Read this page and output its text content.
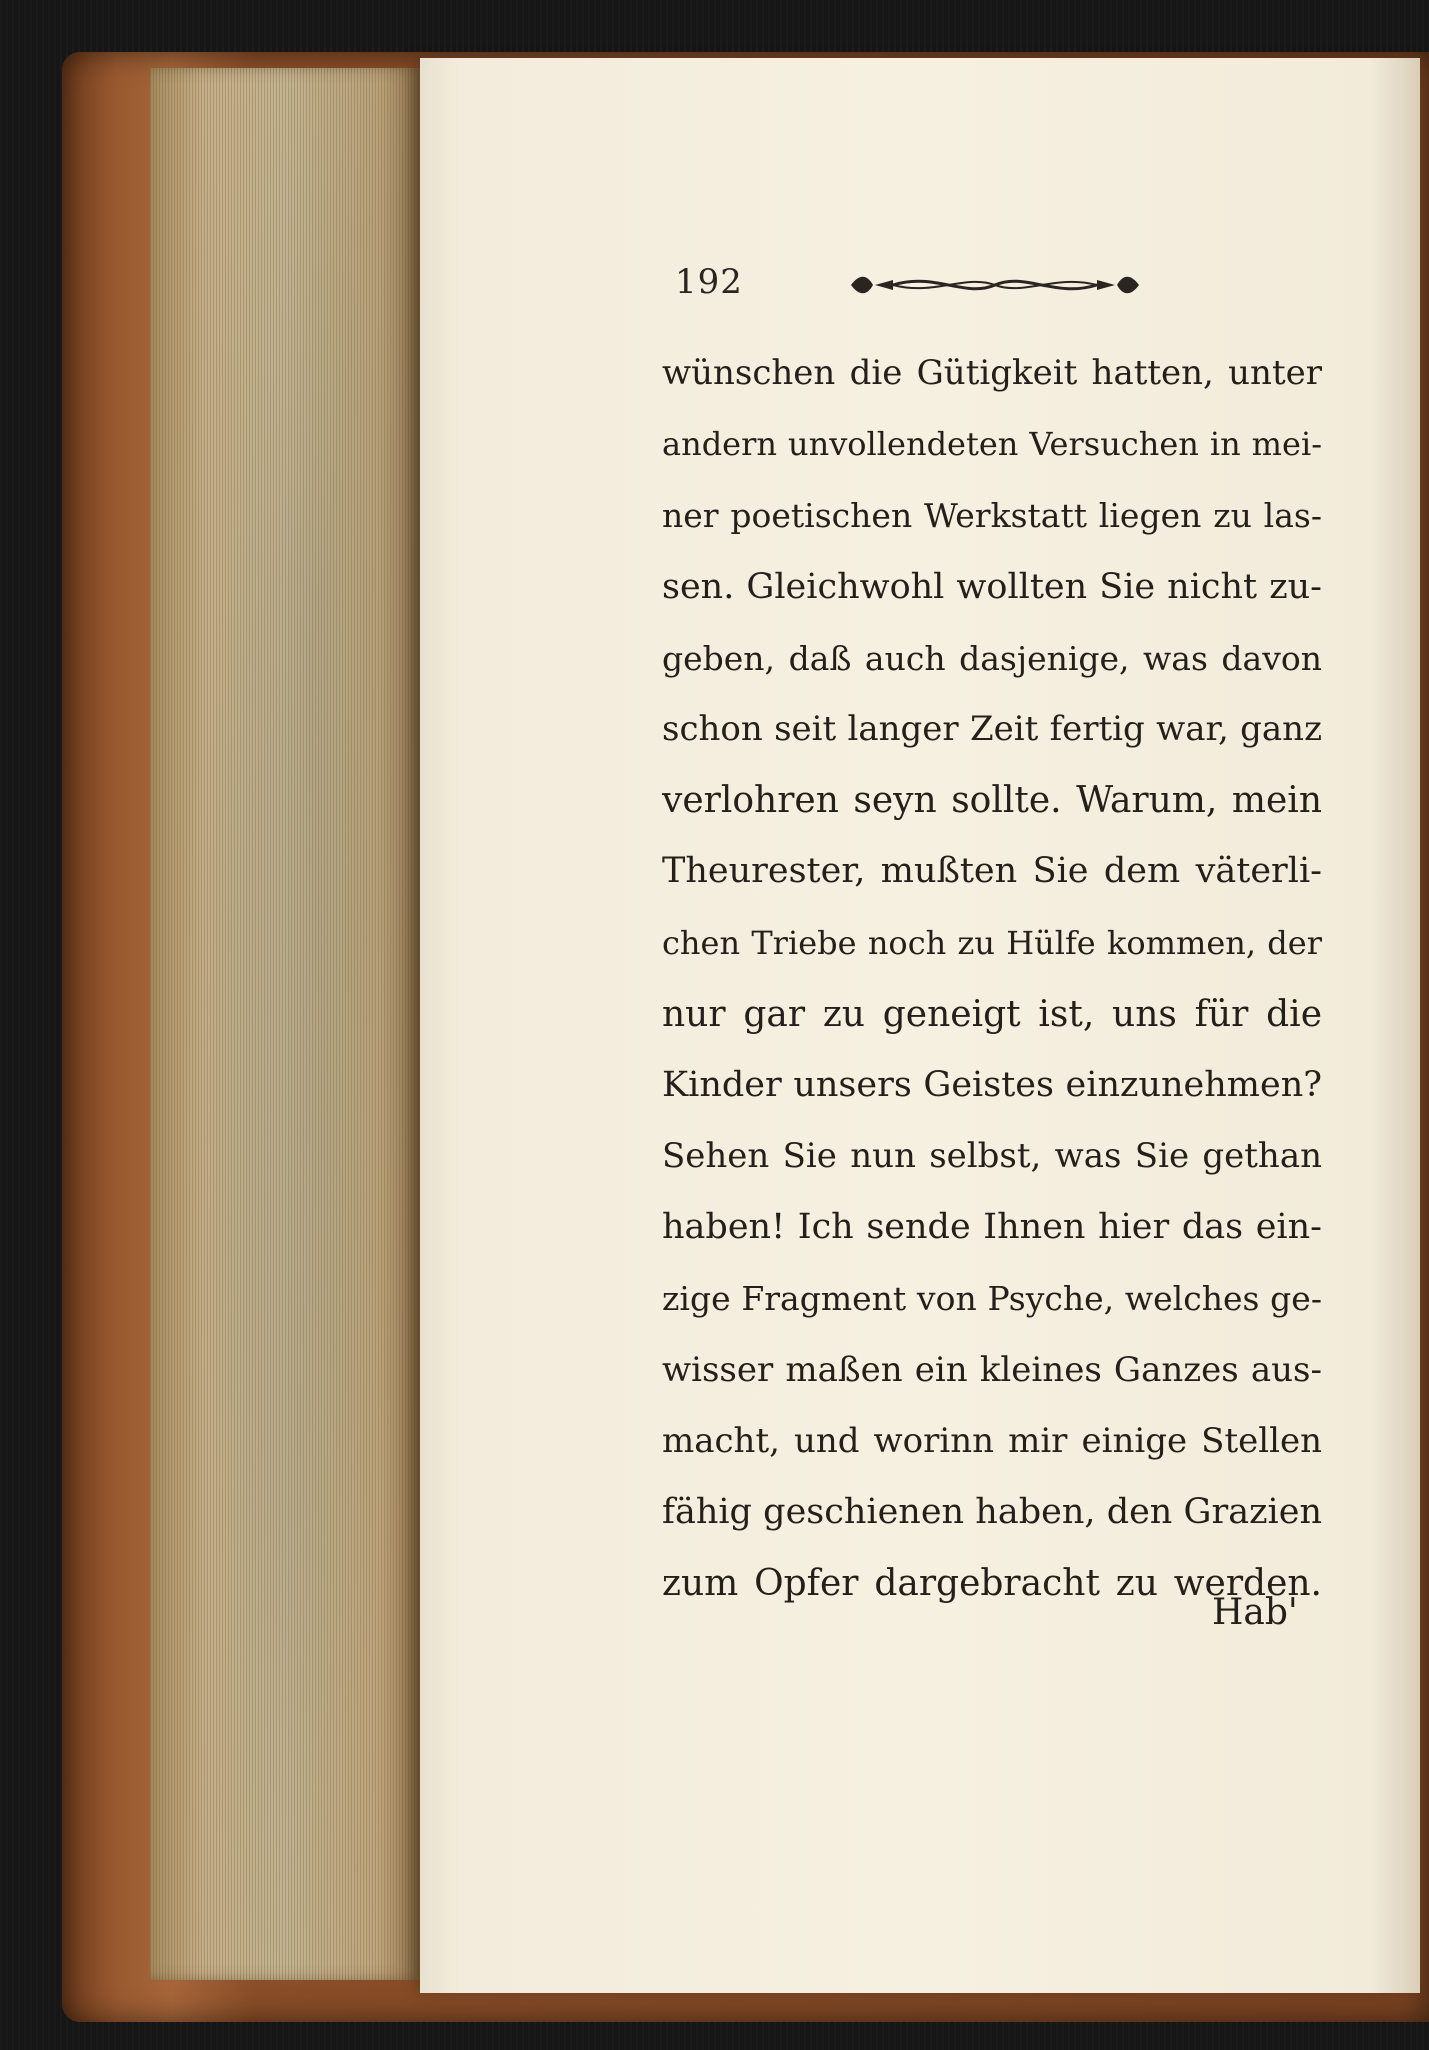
192
wünschen die Gütigkeit hatten, unter
andern unvollendeten Versuchen in mei-
ner poetischen Werkstatt liegen zu las-
sen. Gleichwohl wollten Sie nicht zu-
geben, daß auch dasjenige, was davon
schon seit langer Zeit fertig war, ganz
verlohren seyn sollte. Warum, mein
Theurester, mußten Sie dem väterli-
chen Triebe noch zu Hülfe kommen, der
nur gar zu geneigt ist, uns für die
Kinder unsers Geistes einzunehmen?
Sehen Sie nun selbst, was Sie gethan
haben! Ich sende Ihnen hier das ein-
zige Fragment von Psyche, welches ge-
wisser maßen ein kleines Ganzes aus-
macht, und worinn mir einige Stellen
fähig geschienen haben, den Grazien
zum Opfer dargebracht zu werden.
Hab'
